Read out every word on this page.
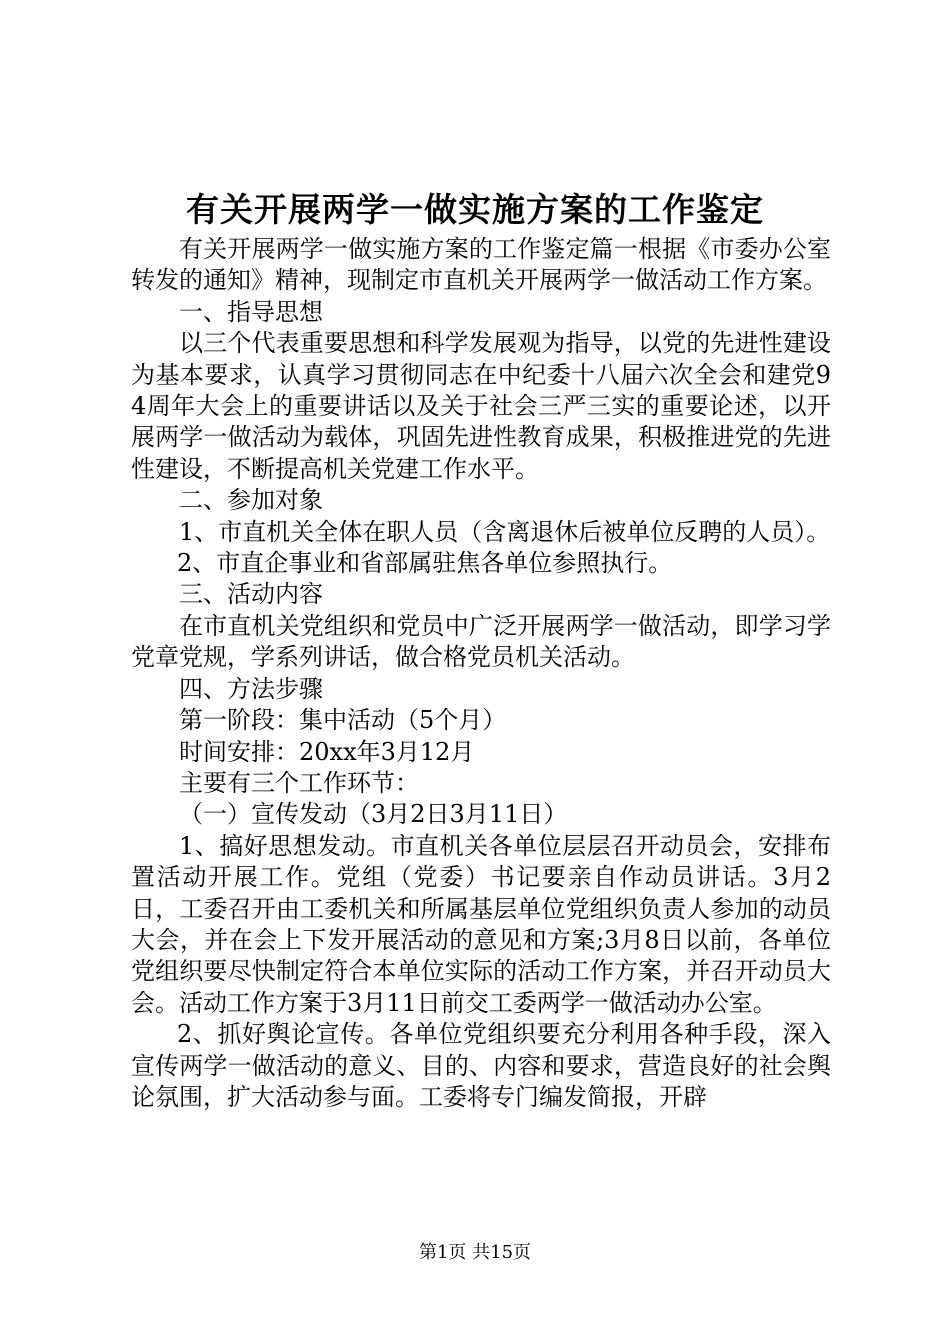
有关开展两学一做实施方案的工作鉴定

有关开展两学一做实施方案的工作鉴定篇一根据《市委办公室转发的通知》精神，现制定市直机关开展两学一做活动工作方案。

一、指导思想

以三个代表重要思想和科学发展观为指导，以党的先进性建设为基本要求，认真学习贯彻同志在中纪委十八届六次全会和建党94周年大会上的重要讲话以及关于社会三严三实的重要论述，以开展两学一做活动为载体，巩固先进性教育成果，积极推进党的先进性建设，不断提高机关党建工作水平。

二、参加对象

1、市直机关全体在职人员（含离退休后被单位反聘的人员）。

2、市直企事业和省部属驻焦各单位参照执行。

三、活动内容

在市直机关党组织和党员中广泛开展两学一做活动，即学习学党章党规，学系列讲话，做合格党员机关活动。

四、方法步骤

第一阶段：集中活动（5个月）

时间安排：20xx年3月12月

主要有三个工作环节：

（一）宣传发动（3月2日3月11日）

1、搞好思想发动。市直机关各单位层层召开动员会，安排布置活动开展工作。党组（党委）书记要亲自作动员讲话。3月2日，工委召开由工委机关和所属基层单位党组织负责人参加的动员大会，并在会上下发开展活动的意见和方案;3月8日以前，各单位党组织要尽快制定符合本单位实际的活动工作方案，并召开动员大会。活动工作方案于3月11日前交工委两学一做活动办公室。

2、抓好舆论宣传。各单位党组织要充分利用各种手段，深入宣传两学一做活动的意义、目的、内容和要求，营造良好的社会舆论氛围，扩大活动参与面。工委将专门编发简报，开辟

第1页 共15页
